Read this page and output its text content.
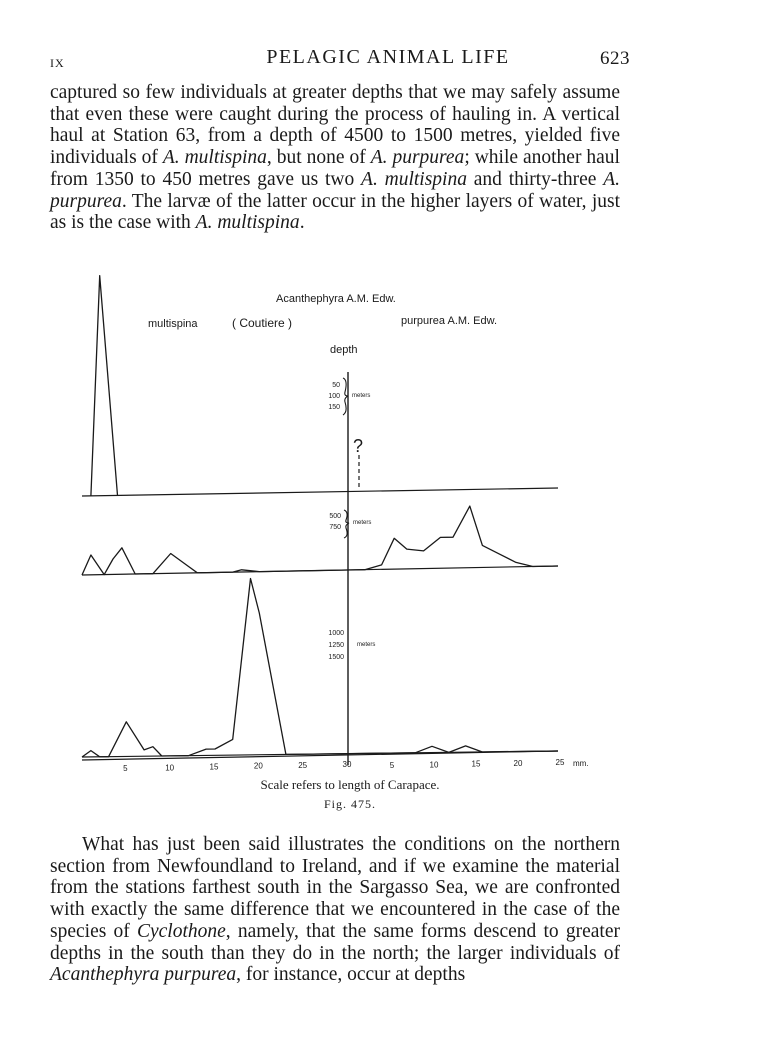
IX	PELAGIC ANIMAL LIFE	623
captured so few individuals at greater depths that we may safely assume that even these were caught during the process of hauling in. A vertical haul at Station 63, from a depth of 4500 to 1500 metres, yielded five individuals of A. multispina, but none of A. purpurea; while another haul from 1350 to 450 metres gave us two A. multispina and thirty-three A. purpurea. The larvæ of the latter occur in the higher layers of water, just as is the case with A. multispina.
Acanthephyra A.M. Edw.
multispina	( Coutiere )	purpurea A.M. Edw.
depth
50
100
150
meters
?
500
750
meters
1000
1250
1500
meters
5	10	15	20	25	30	5	10	15	20	25 mm.
Scale refers to length of Carapace.
Fig. 475.
What has just been said illustrates the conditions on the northern section from Newfoundland to Ireland, and if we examine the material from the stations farthest south in the Sargasso Sea, we are confronted with exactly the same difference that we encountered in the case of the species of Cyclothone, namely, that the same forms descend to greater depths in the south than they do in the north; the larger individuals of Acanthephyra purpurea, for instance, occur at depths
